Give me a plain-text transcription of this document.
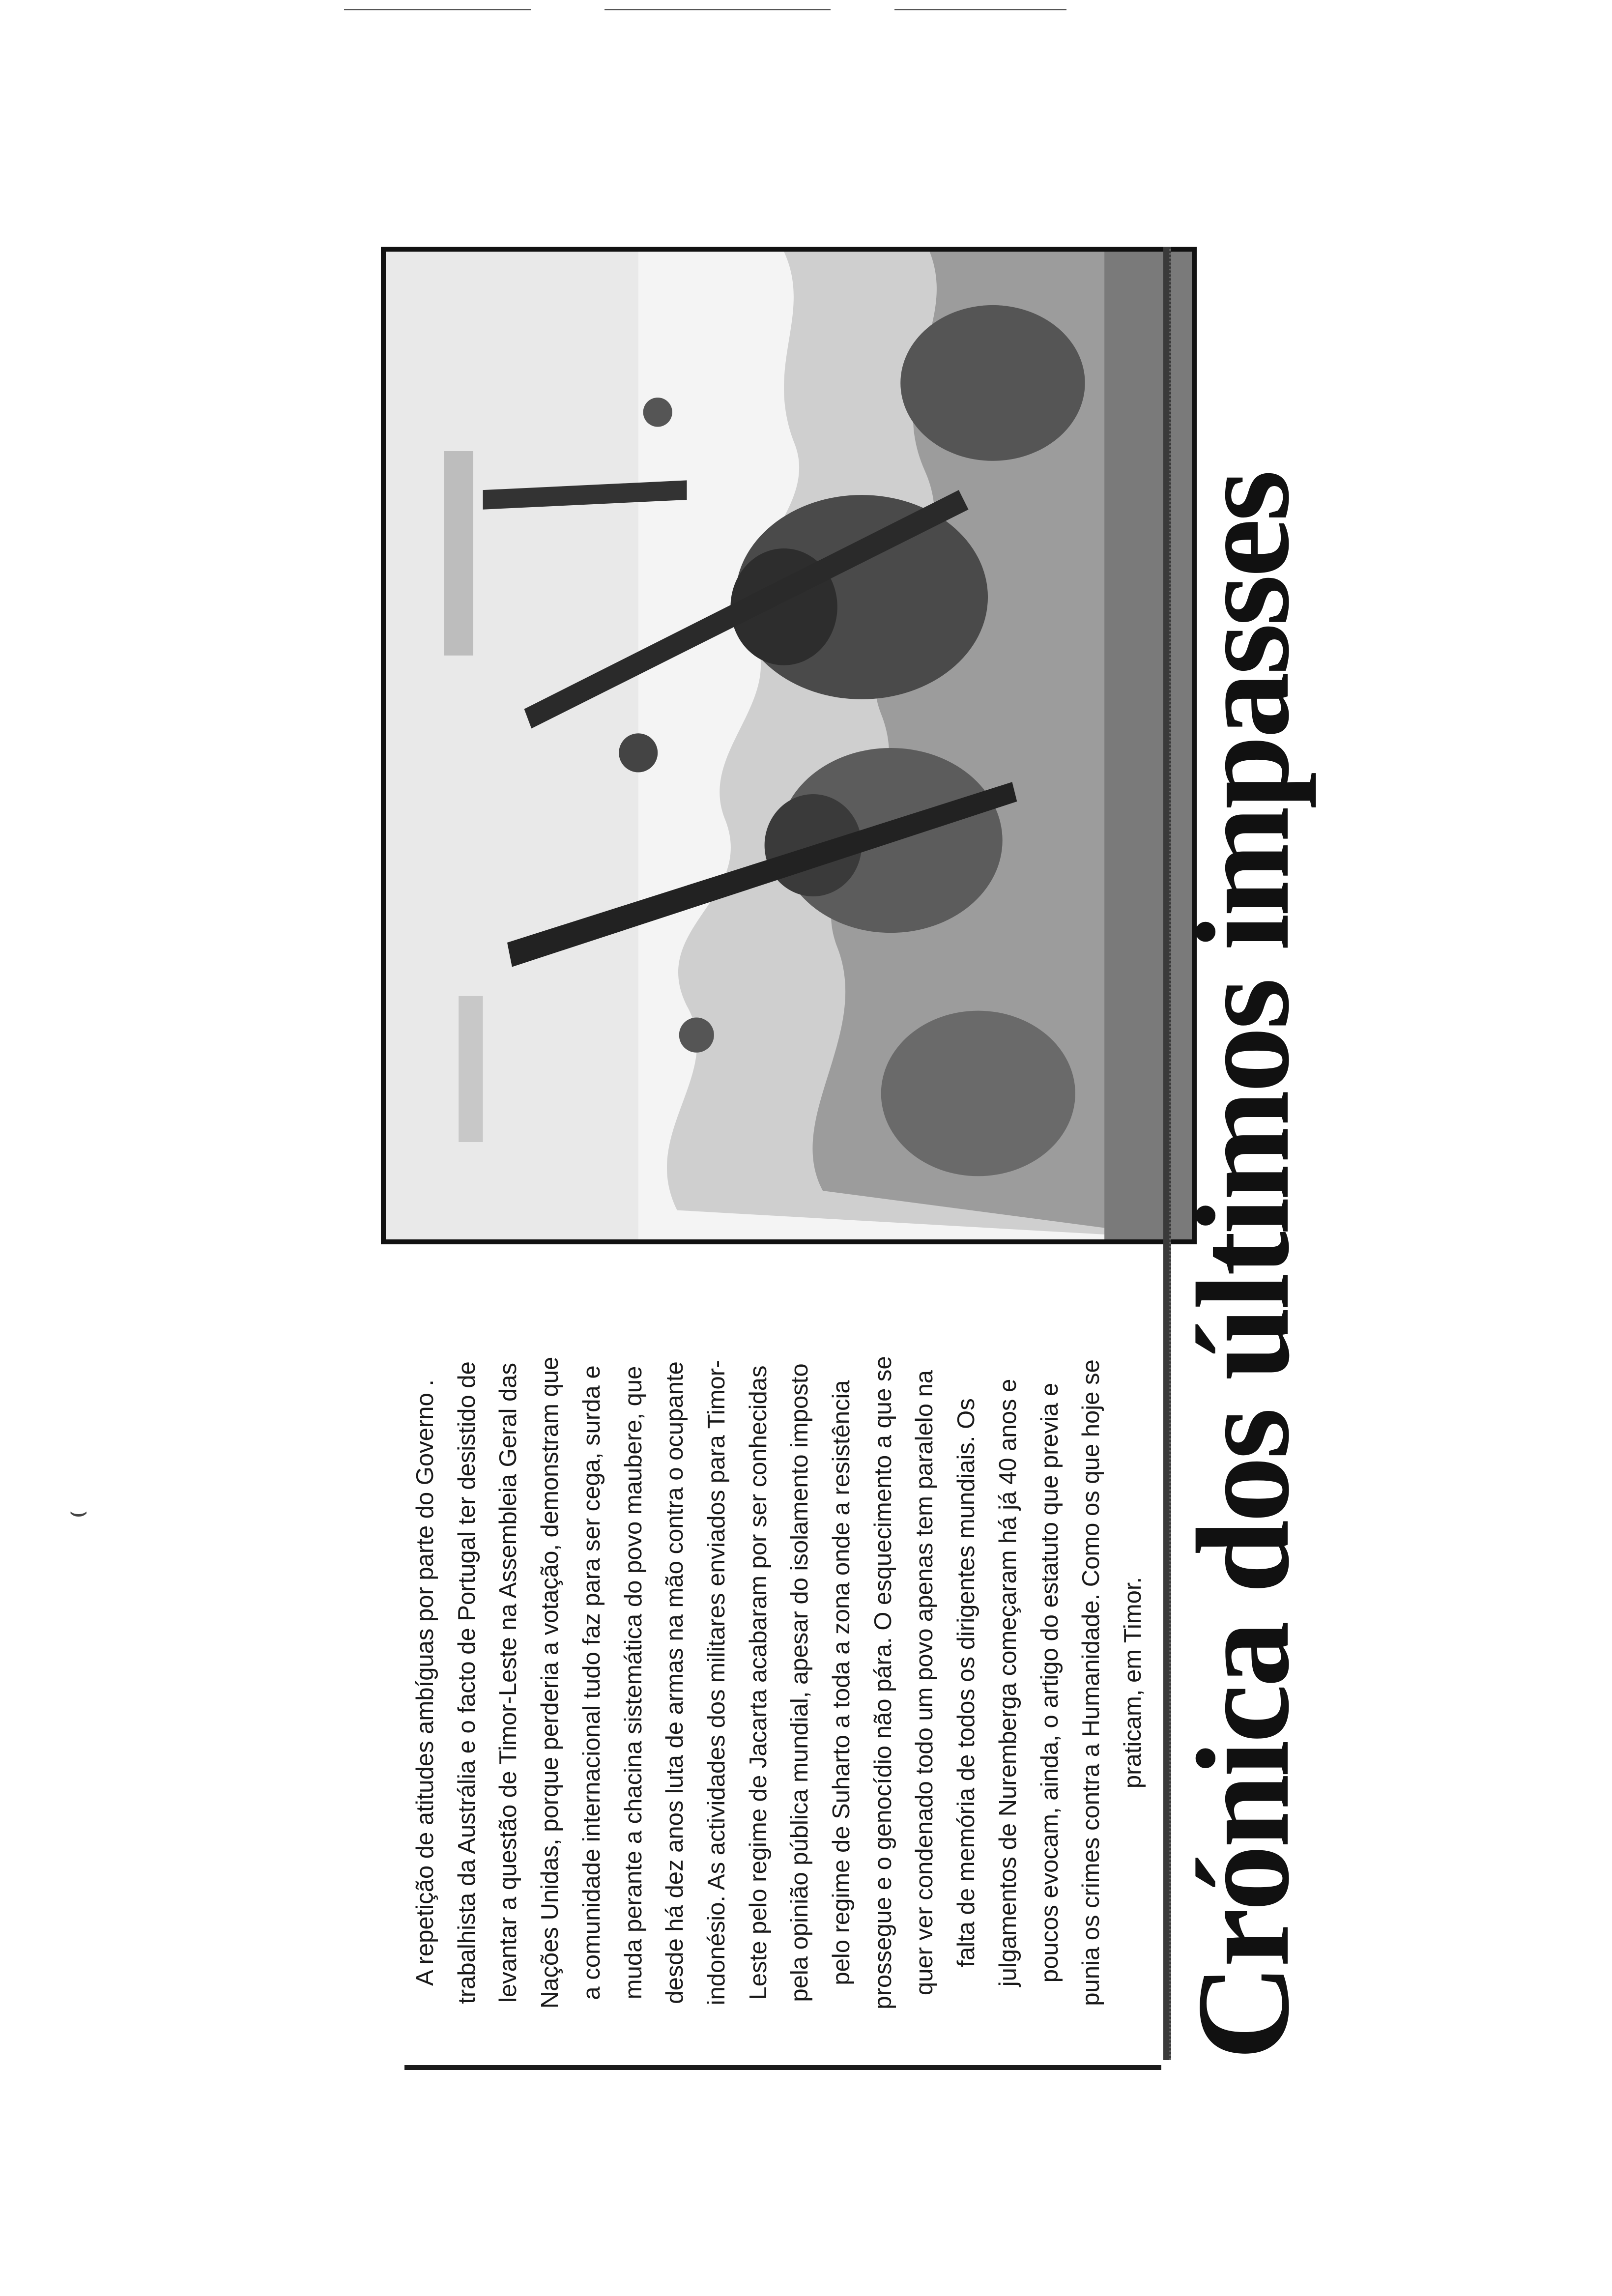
⌣
A repetição de atitudes ambíguas por parte do Governo .
trabalhista da Austrália e o facto de Portugal ter desistido de
levantar a questão de Timor-Leste na Assembleia Geral das
Nações Unidas, porque perderia a votação, demonstram que
a comunidade internacional tudo faz para ser cega, surda e
muda perante a chacina sistemática do povo maubere, que
desde há dez anos luta de armas na mão contra o ocupante
indonésio. As actividades dos militares enviados para Timor-
Leste pelo regime de Jacarta acabaram por ser conhecidas
pela opinião pública mundial, apesar do isolamento imposto
pelo regime de Suharto a toda a zona onde a resistência
prossegue e o genocídio não pára. O esquecimento a que se
quer ver condenado todo um povo apenas tem paralelo na
falta de memória de todos os dirigentes mundiais. Os
julgamentos de Nuremberga começaram há já 40 anos e
poucos evocam, ainda, o artigo do estatuto que previa e
punia os crimes contra a Humanidade. Como os que hoje se
praticam, em Timor. Crónica dos últimos impasses
